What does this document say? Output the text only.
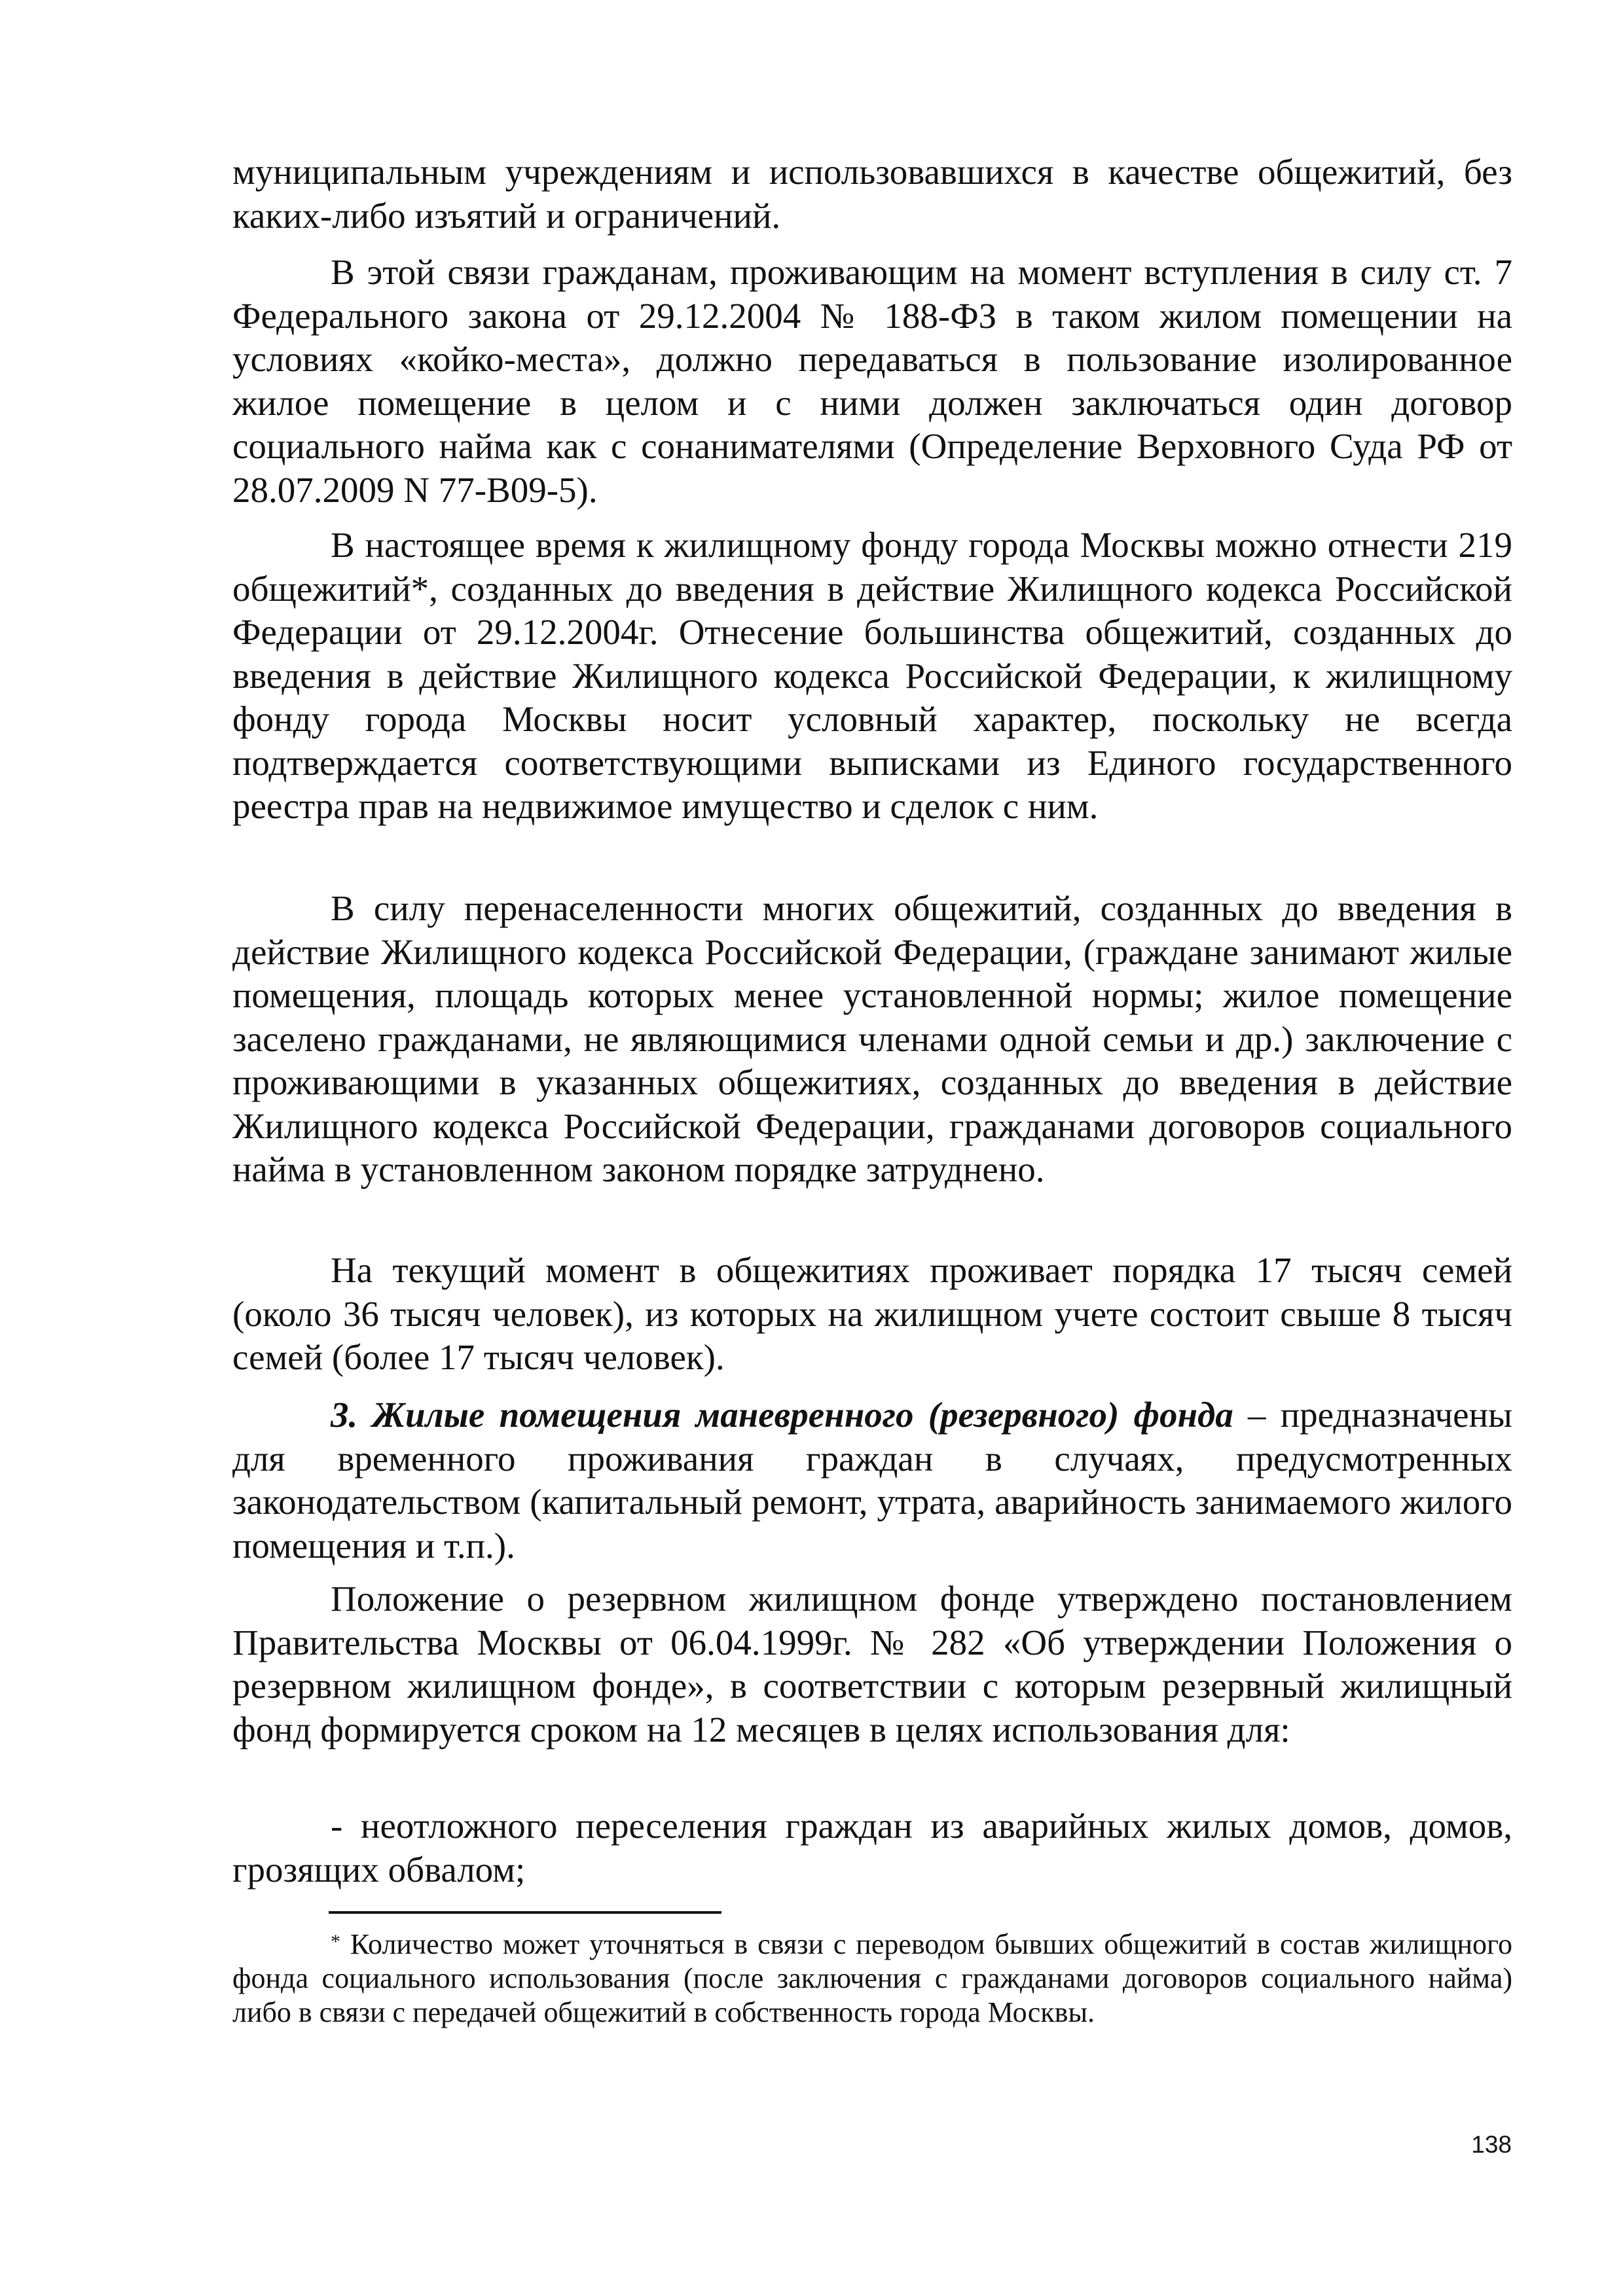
муниципальным учреждениям и использовавшихся в качестве общежитий, без каких-либо изъятий и ограничений.

В этой связи гражданам, проживающим на момент вступления в силу ст. 7 Федерального закона от 29.12.2004 № 188-ФЗ в таком жилом помещении на условиях «койко-места», должно передаваться в пользование изолированное жилое помещение в целом и с ними должен заключаться один договор социального найма как с сонанимателями (Определение Верховного Суда РФ от 28.07.2009 N 77-В09-5).

В настоящее время к жилищному фонду города Москвы можно отнести 219 общежитий*, созданных до введения в действие Жилищного кодекса Российской Федерации от 29.12.2004г. Отнесение большинства общежитий, созданных до введения в действие Жилищного кодекса Российской Федерации, к жилищному фонду города Москвы носит условный характер, поскольку не всегда подтверждается соответствующими выписками из Единого государственного реестра прав на недвижимое имущество и сделок с ним.

В силу перенаселенности многих общежитий, созданных до введения в действие Жилищного кодекса Российской Федерации, (граждане занимают жилые помещения, площадь которых менее установленной нормы; жилое помещение заселено гражданами, не являющимися членами одной семьи и др.) заключение с проживающими в указанных общежитиях, созданных до введения в действие Жилищного кодекса Российской Федерации, гражданами договоров социального найма в установленном законом порядке затруднено.

На текущий момент в общежитиях проживает порядка 17 тысяч семей (около 36 тысяч человек), из которых на жилищном учете состоит свыше 8 тысяч семей (более 17 тысяч человек).

3. Жилые помещения маневренного (резервного) фонда – предназначены для временного проживания граждан в случаях, предусмотренных законодательством (капитальный ремонт, утрата, аварийность занимаемого жилого помещения и т.п.).

Положение о резервном жилищном фонде утверждено постановлением Правительства Москвы от 06.04.1999г. № 282 «Об утверждении Положения о резервном жилищном фонде», в соответствии с которым резервный жилищный фонд формируется сроком на 12 месяцев в целях использования для:

- неотложного переселения граждан из аварийных жилых домов, домов, грозящих обвалом;

* Количество может уточняться в связи с переводом бывших общежитий в состав жилищного фонда социального использования (после заключения с гражданами договоров социального найма) либо в связи с передачей общежитий в собственность города Москвы.
138
